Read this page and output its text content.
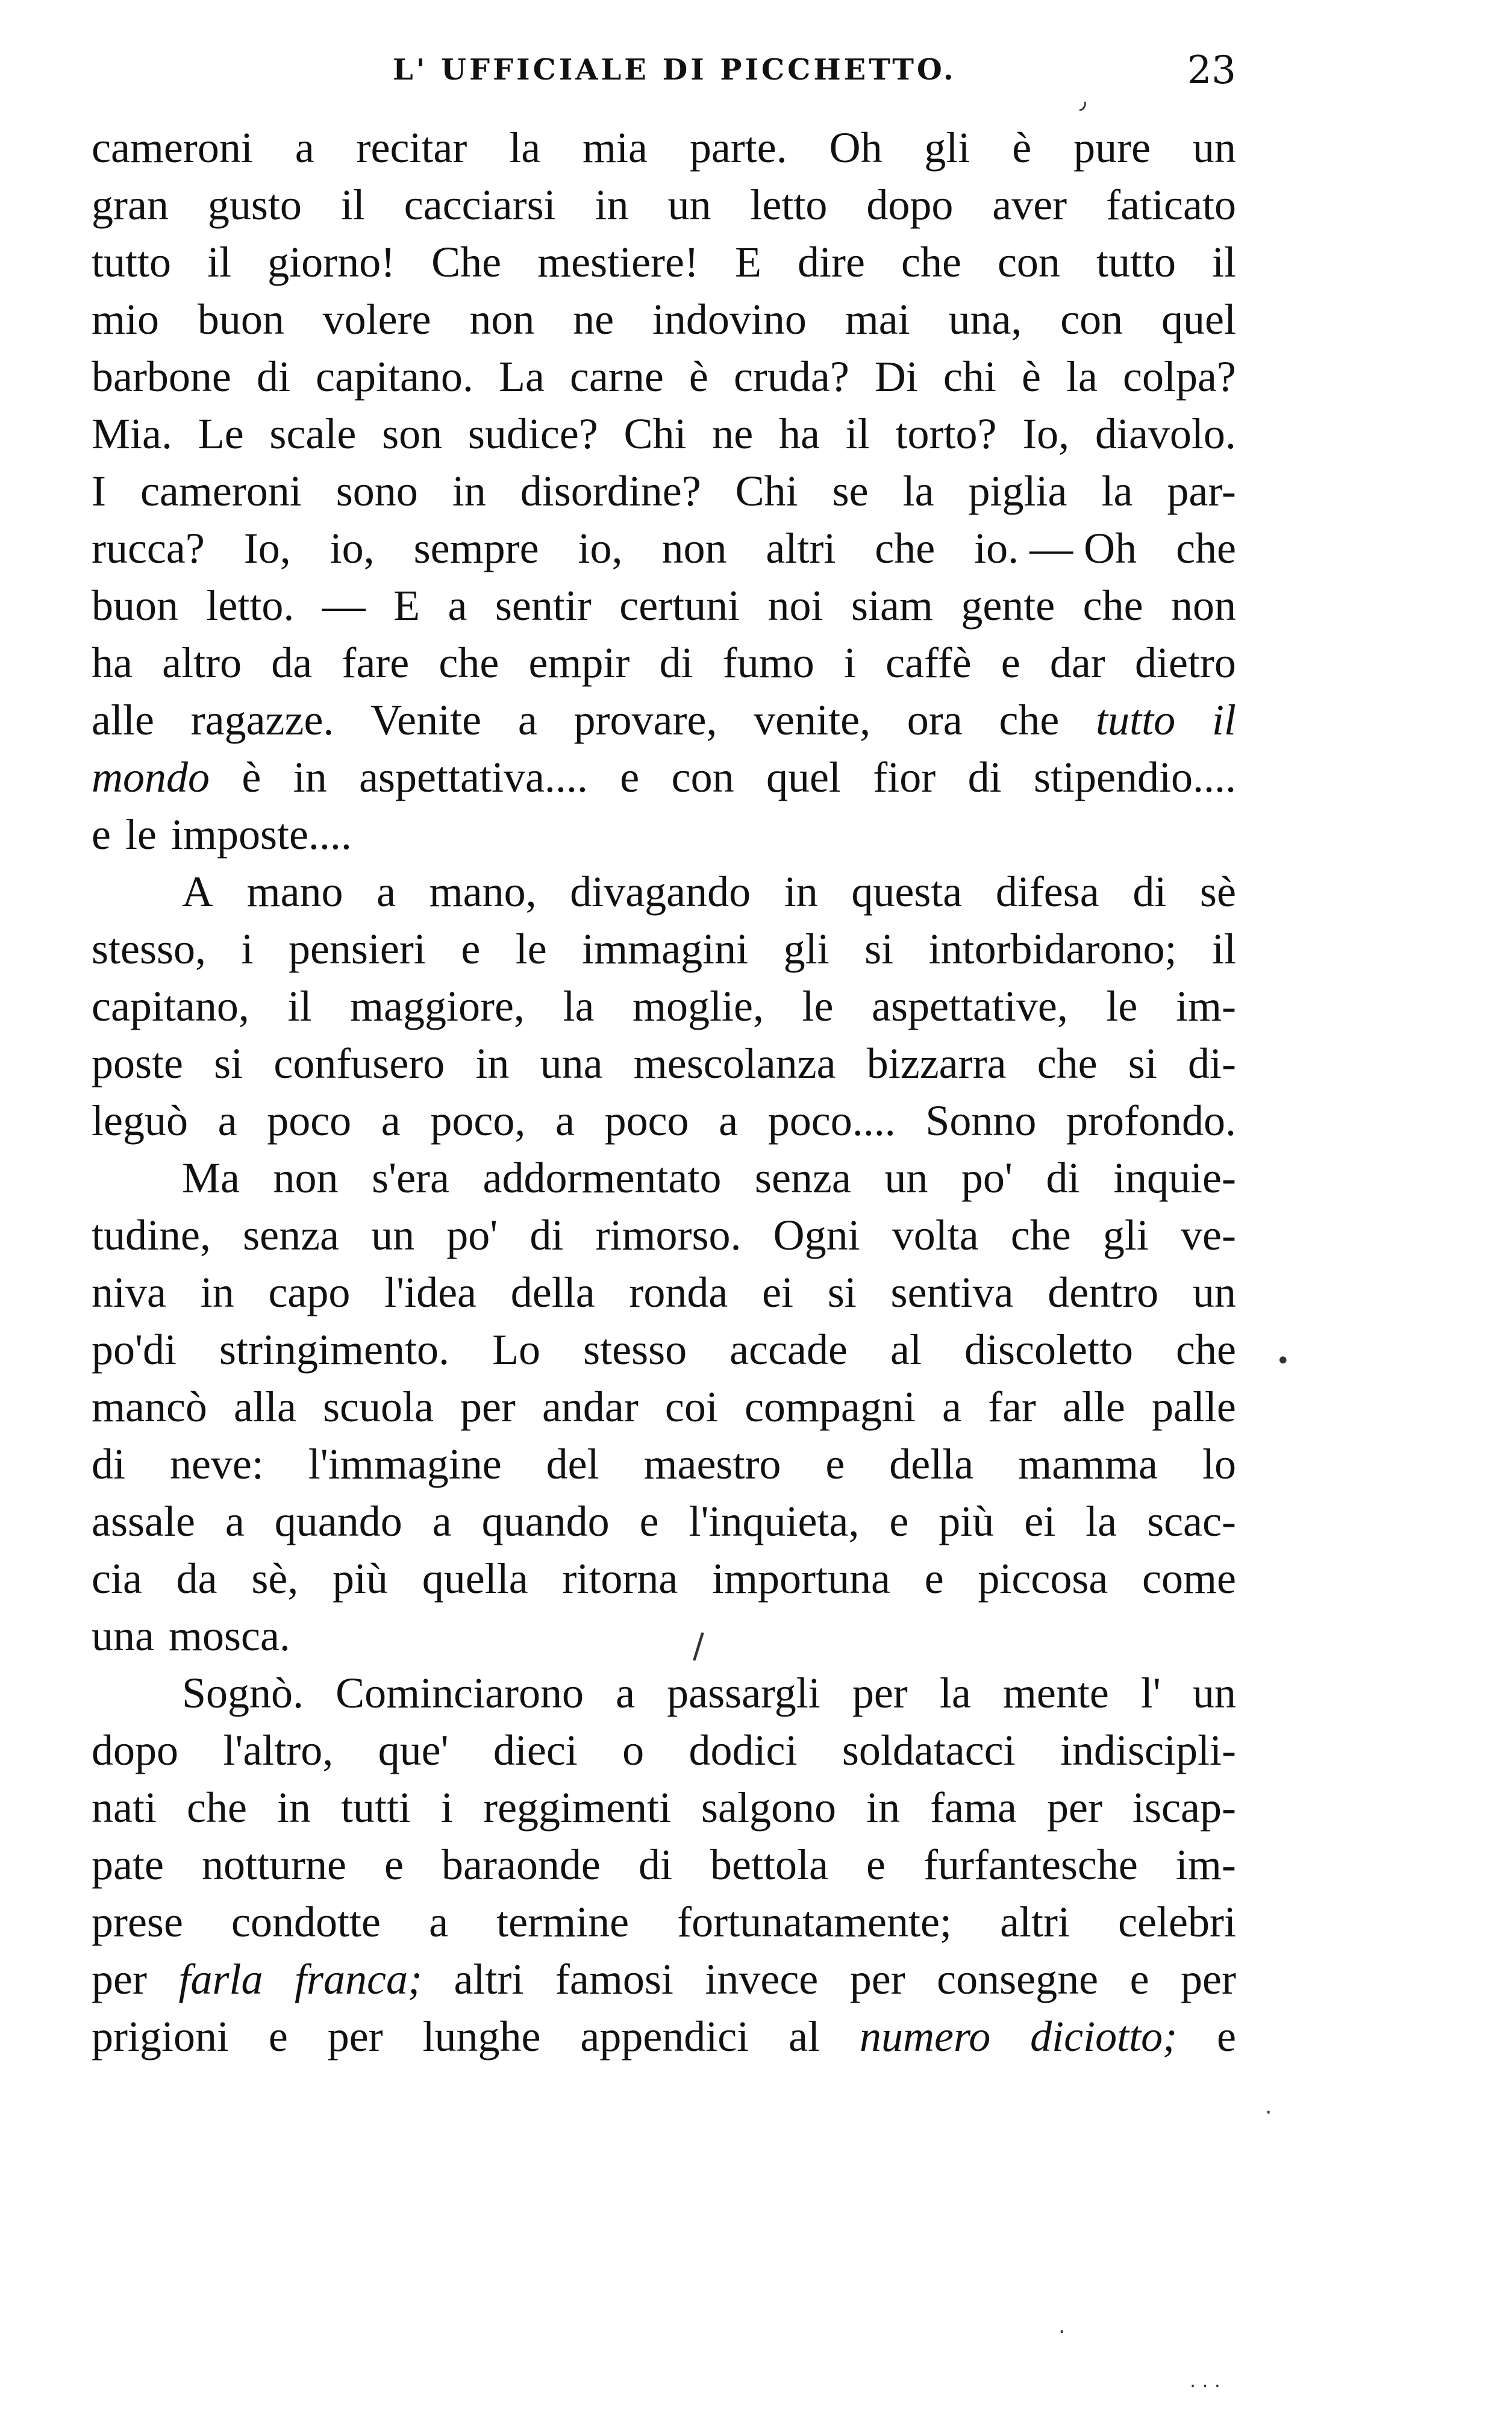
L' UFFICIALE DI PICCHETTO.	23
cameroni a recitar la mia parte. Oh gli è pure un
gran gusto il cacciarsi in un letto dopo aver faticato
tutto il giorno! Che mestiere! E dire che con tutto il
mio buon volere non ne indovino mai una, con quel
barbone di capitano. La carne è cruda? Di chi è la colpa?
Mia. Le scale son sudice? Chi ne ha il torto? Io, diavolo.
I cameroni sono in disordine? Chi se la piglia la par-
rucca? Io, io, sempre io, non altri che io. — Oh che
buon letto. — E a sentir certuni noi siam gente che non
ha altro da fare che empir di fumo i caffè e dar dietro
alle ragazze. Venite a provare, venite, ora che tutto il
mondo è in aspettativa.... e con quel fior di stipendio....
e le imposte....
A mano a mano, divagando in questa difesa di sè
stesso, i pensieri e le immagini gli si intorbidarono; il
capitano, il maggiore, la moglie, le aspettative, le im-
poste si confusero in una mescolanza bizzarra che si di-
leguò a poco a poco, a poco a poco.... Sonno profondo.
Ma non s'era addormentato senza un po' di inquie-
tudine, senza un po' di rimorso. Ogni volta che gli ve-
niva in capo l'idea della ronda ei si sentiva dentro un
po'di stringimento. Lo stesso accade al discoletto che
mancò alla scuola per andar coi compagni a far alle palle
di neve: l'immagine del maestro e della mamma lo
assale a quando a quando e l'inquieta, e più ei la scac-
cia da sè, più quella ritorna importuna e piccosa come
una mosca.
Sognò. Cominciarono a passargli per la mente l' un
dopo l'altro, que' dieci o dodici soldatacci indiscipli-
nati che in tutti i reggimenti salgono in fama per iscap-
pate notturne e baraonde di bettola e furfantesche im-
prese condotte a termine fortunatamente; altri celebri
per farla franca; altri famosi invece per consegne e per
prigioni e per lunghe appendici al numero diciotto; e
٫
•
/
.
.
. . .
